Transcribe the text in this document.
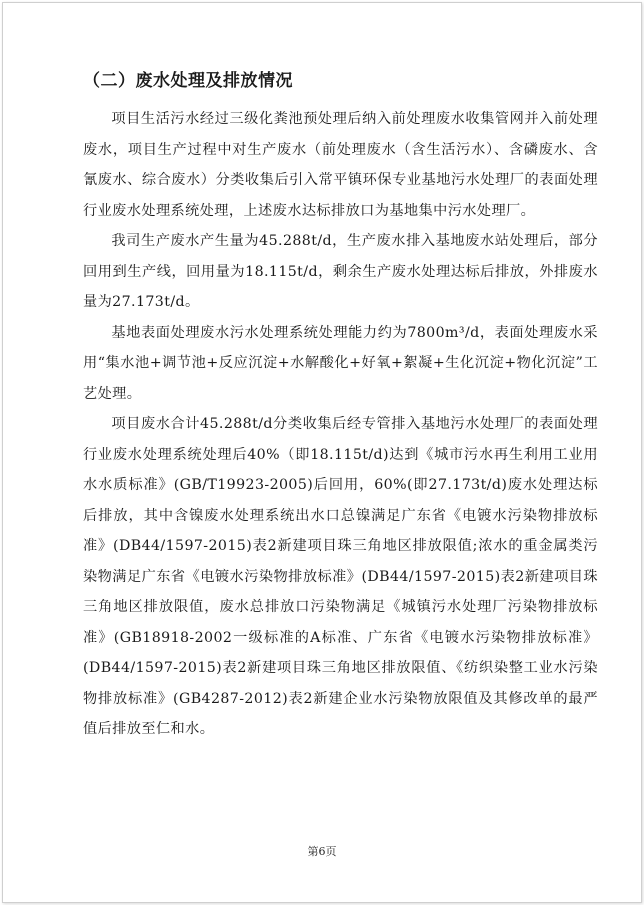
（二）废水处理及排放情况

项目生活污水经过三级化粪池预处理后纳入前处理废水收集管网并入前处理废水，项目生产过程中对生产废水（前处理废水（含生活污水）、含磷废水、含氰废水、综合废水）分类收集后引入常平镇环保专业基地污水处理厂的表面处理行业废水处理系统处理，上述废水达标排放口为基地集中污水处理厂。

我司生产废水产生量为45.288t/d，生产废水排入基地废水站处理后，部分回用到生产线，回用量为18.115t/d，剩余生产废水处理达标后排放，外排废水量为27.173t/d。

基地表面处理废水污水处理系统处理能力约为7800m³/d，表面处理废水采用“集水池+调节池+反应沉淀+水解酸化+好氧+絮凝+生化沉淀+物化沉淀”工艺处理。

项目废水合计45.288t/d分类收集后经专管排入基地污水处理厂的表面处理行业废水处理系统处理后40%（即18.115t/d)达到《城市污水再生利用工业用水水质标准》(GB/T19923-2005)后回用，60%(即27.173t/d)废水处理达标后排放，其中含镍废水处理系统出水口总镍满足广东省《电镀水污染物排放标准》(DB44/1597-2015)表2新建项目珠三角地区排放限值;浓水的重金属类污染物满足广东省《电镀水污染物排放标准》(DB44/1597-2015)表2新建项目珠三角地区排放限值，废水总排放口污染物满足《城镇污水处理厂污染物排放标准》(GB18918-2002一级标准的A标准、广东省《电镀水污染物排放标准》(DB44/1597-2015)表2新建项目珠三角地区排放限值、《纺织染整工业水污染物排放标准》(GB4287-2012)表2新建企业水污染物放限值及其修改单的最严值后排放至仁和水。

第6页
